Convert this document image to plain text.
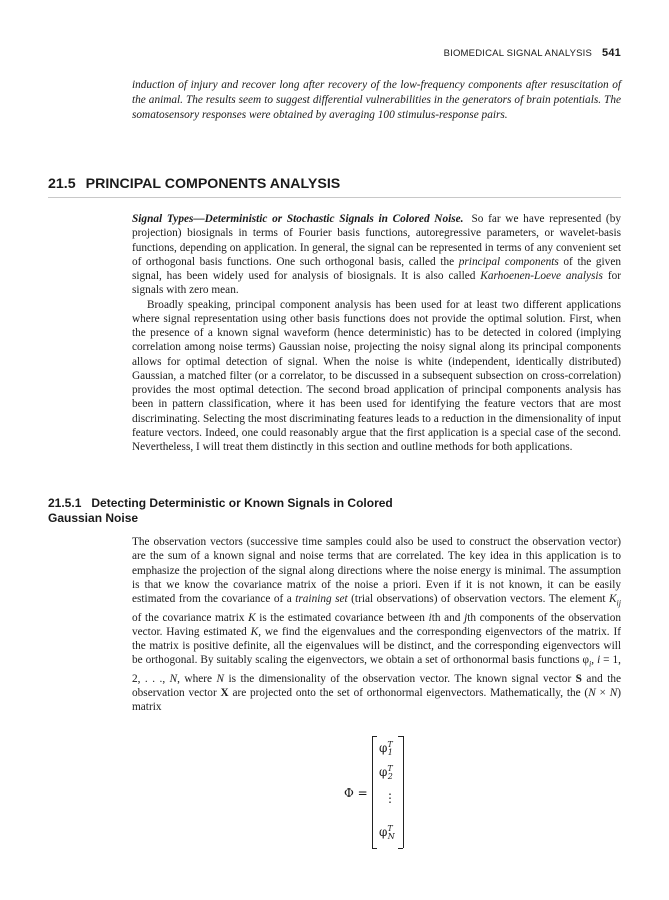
BIOMEDICAL SIGNAL ANALYSIS 541
induction of injury and recover long after recovery of the low-frequency components after resuscitation of the animal. The results seem to suggest differential vulnerabilities in the generators of brain potentials. The somatosensory responses were obtained by averaging 100 stimulus-response pairs.
21.5 PRINCIPAL COMPONENTS ANALYSIS

Signal Types—Deterministic or Stochastic Signals in Colored Noise. So far we have represented (by projection) biosignals in terms of Fourier basis functions, autoregressive parameters, or wavelet-basis functions, depending on application. In general, the signal can be represented in terms of any convenient set of orthogonal basis functions. One such orthogonal basis, called the principal components of the given signal, has been widely used for analysis of biosignals. It is also called Karhoenen-Loeve analysis for signals with zero mean.

Broadly speaking, principal component analysis has been used for at least two different applications where signal representation using other basis functions does not provide the optimal solution. First, when the presence of a known signal waveform (hence deterministic) has to be detected in colored (implying correlation among noise terms) Gaussian noise, projecting the noisy signal along its principal components allows for optimal detection of signal. When the noise is white (independent, identically distributed) Gaussian, a matched filter (or a correlator, to be discussed in a subsequent subsection on cross-correlation) provides the most optimal detection. The second broad application of principal components analysis has been in pattern classification, where it has been used for identifying the feature vectors that are most discriminating. Selecting the most discriminating features leads to a reduction in the dimensionality of input feature vectors. Indeed, one could reasonably argue that the first application is a special case of the second. Nevertheless, I will treat them distinctly in this section and outline methods for both applications.

21.5.1 Detecting Deterministic or Known Signals in Colored
Gaussian Noise

The observation vectors (successive time samples could also be used to construct the observation vector) are the sum of a known signal and noise terms that are correlated. The key idea in this application is to emphasize the projection of the signal along directions where the noise energy is minimal. The assumption is that we know the covariance matrix of the noise a priori. Even if it is not known, it can be easily estimated from the covariance of a training set (trial observations) of observation vectors. The element $K_{ij}$ of the covariance matrix K is the estimated covariance between ith and jth components of the observation vector. Having estimated K, we find the eigenvalues and the corresponding eigenvectors of the matrix. If the matrix is positive definite, all the eigenvalues will be distinct, and the corresponding eigenvectors will be orthogonal. By suitably scaling the eigenvectors, we obtain a set of orthonormal basis functions $\varphi_i$, i = 1, 2, . . ., N, where N is the dimensionality of the observation vector. The known signal vector S and the observation vector X are projected onto the set of orthonormal eigenvectors. Mathematically, the (N × N) matrix

Φ =
$\varphi^T_1$
$\varphi^T_2$
⋮
$\varphi^T_N$
